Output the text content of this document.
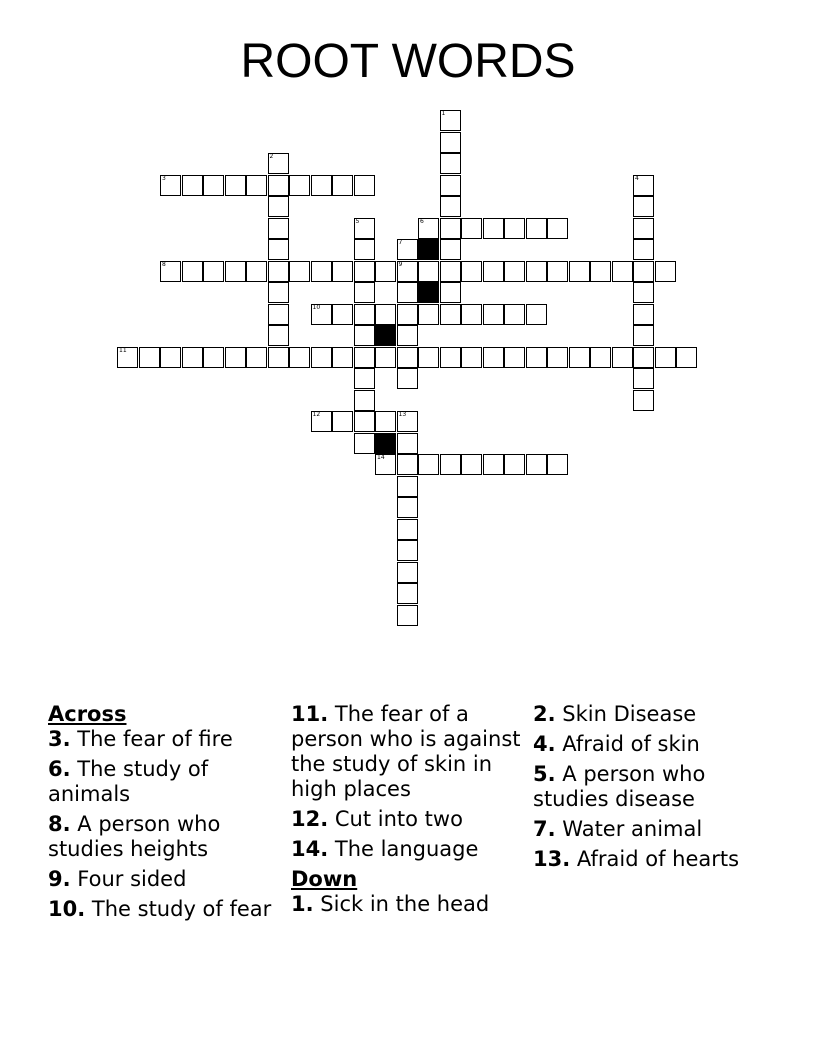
ROOT WORDS
1
2
3	4
5	6
7
9
8
10
11
12	13
14
Across
3. The fear of fire
6. The study of animals
8. A person who studies heights
9. Four sided
10. The study of fear
11. The fear of a person who is against the study of skin in high places
12. Cut into two
14. The language
Down
1. Sick in the head
2. Skin Disease
4. Afraid of skin
5. A person who studies disease
7. Water animal
13. Afraid of hearts
